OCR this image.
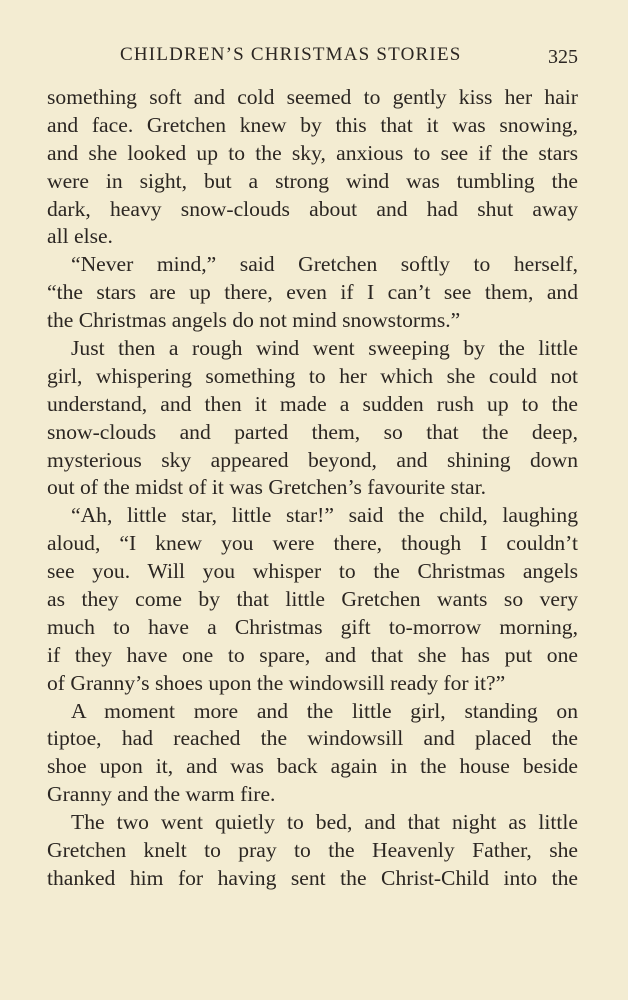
CHILDREN’S CHRISTMAS STORIES	325

something soft and cold seemed to gently kiss her hair
and face. Gretchen knew by this that it was snowing,
and she looked up to the sky, anxious to see if the stars
were in sight, but a strong wind was tumbling the
dark, heavy snow-clouds about and had shut away
all else.

“Never mind,” said Gretchen softly to herself,
“the stars are up there, even if I can’t see them, and
the Christmas angels do not mind snowstorms.”

Just then a rough wind went sweeping by the little
girl, whispering something to her which she could not
understand, and then it made a sudden rush up to the
snow-clouds and parted them, so that the deep,
mysterious sky appeared beyond, and shining down
out of the midst of it was Gretchen’s favourite star.

“Ah, little star, little star!” said the child, laughing
aloud, “I knew you were there, though I couldn’t
see you. Will you whisper to the Christmas angels
as they come by that little Gretchen wants so very
much to have a Christmas gift to-morrow morning,
if they have one to spare, and that she has put one
of Granny’s shoes upon the windowsill ready for it?”

A moment more and the little girl, standing on
tiptoe, had reached the windowsill and placed the
shoe upon it, and was back again in the house beside
Granny and the warm fire.

The two went quietly to bed, and that night as little
Gretchen knelt to pray to the Heavenly Father, she
thanked him for having sent the Christ-Child into the
